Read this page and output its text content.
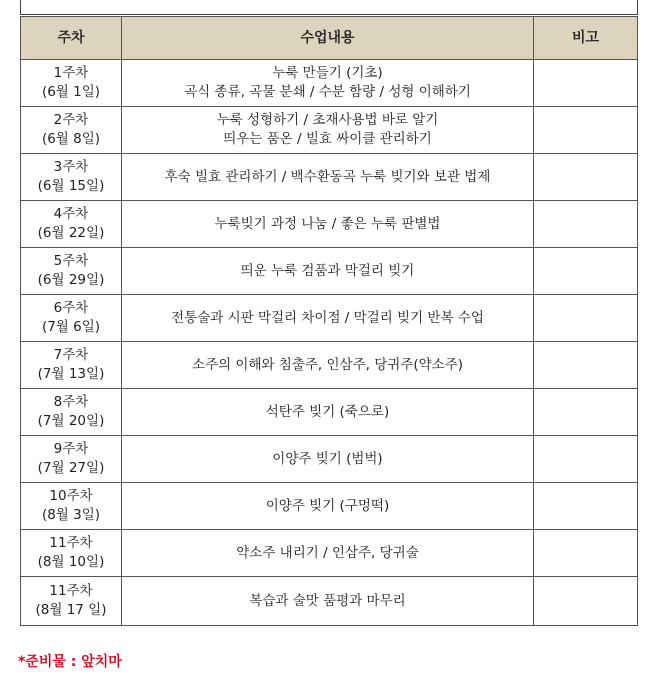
주차	수업내용	비고

1주차
(6월 1일)	누룩 만들기 (기초)
곡식 종류, 곡물 분쇄 / 수분 함량 / 성형 이해하기	

2주차
(6월 8일)	누룩 성형하기 / 초재사용법 바로 알기
띄우는 품온 / 빌효 싸이클 관리하기	

3주차
(6월 15일)	후숙 빌효 관리하기 / 백수환동곡 누룩 빚기와 보관 법제	

4주차
(6월 22일)	누룩빚기 과정 나눔 / 좋은 누룩 판별법	

5주차
(6월 29일)	띄운 누룩 검품과 막걸리 빚기	

6주차
(7월 6일)	전통술과 시판 막걸리 차이점 / 막걸리 빚기 반복 수업	

7주차
(7월 13일)	소주의 이해와 침출주, 인삼주, 당귀주(약소주)	

8주차
(7월 20일)	석탄주 빚기 (죽으로)	

9주차
(7월 27일)	이양주 빚기 (범벅)	

10주차
(8월 3일)	이양주 빚기 (구멍떡)	

11주차
(8월 10일)	약소주 내리기 / 인삼주, 당귀술	

11주차
(8월 17 일)	복습과 술맛 품평과 마무리	

*준비물 : 앞치마
